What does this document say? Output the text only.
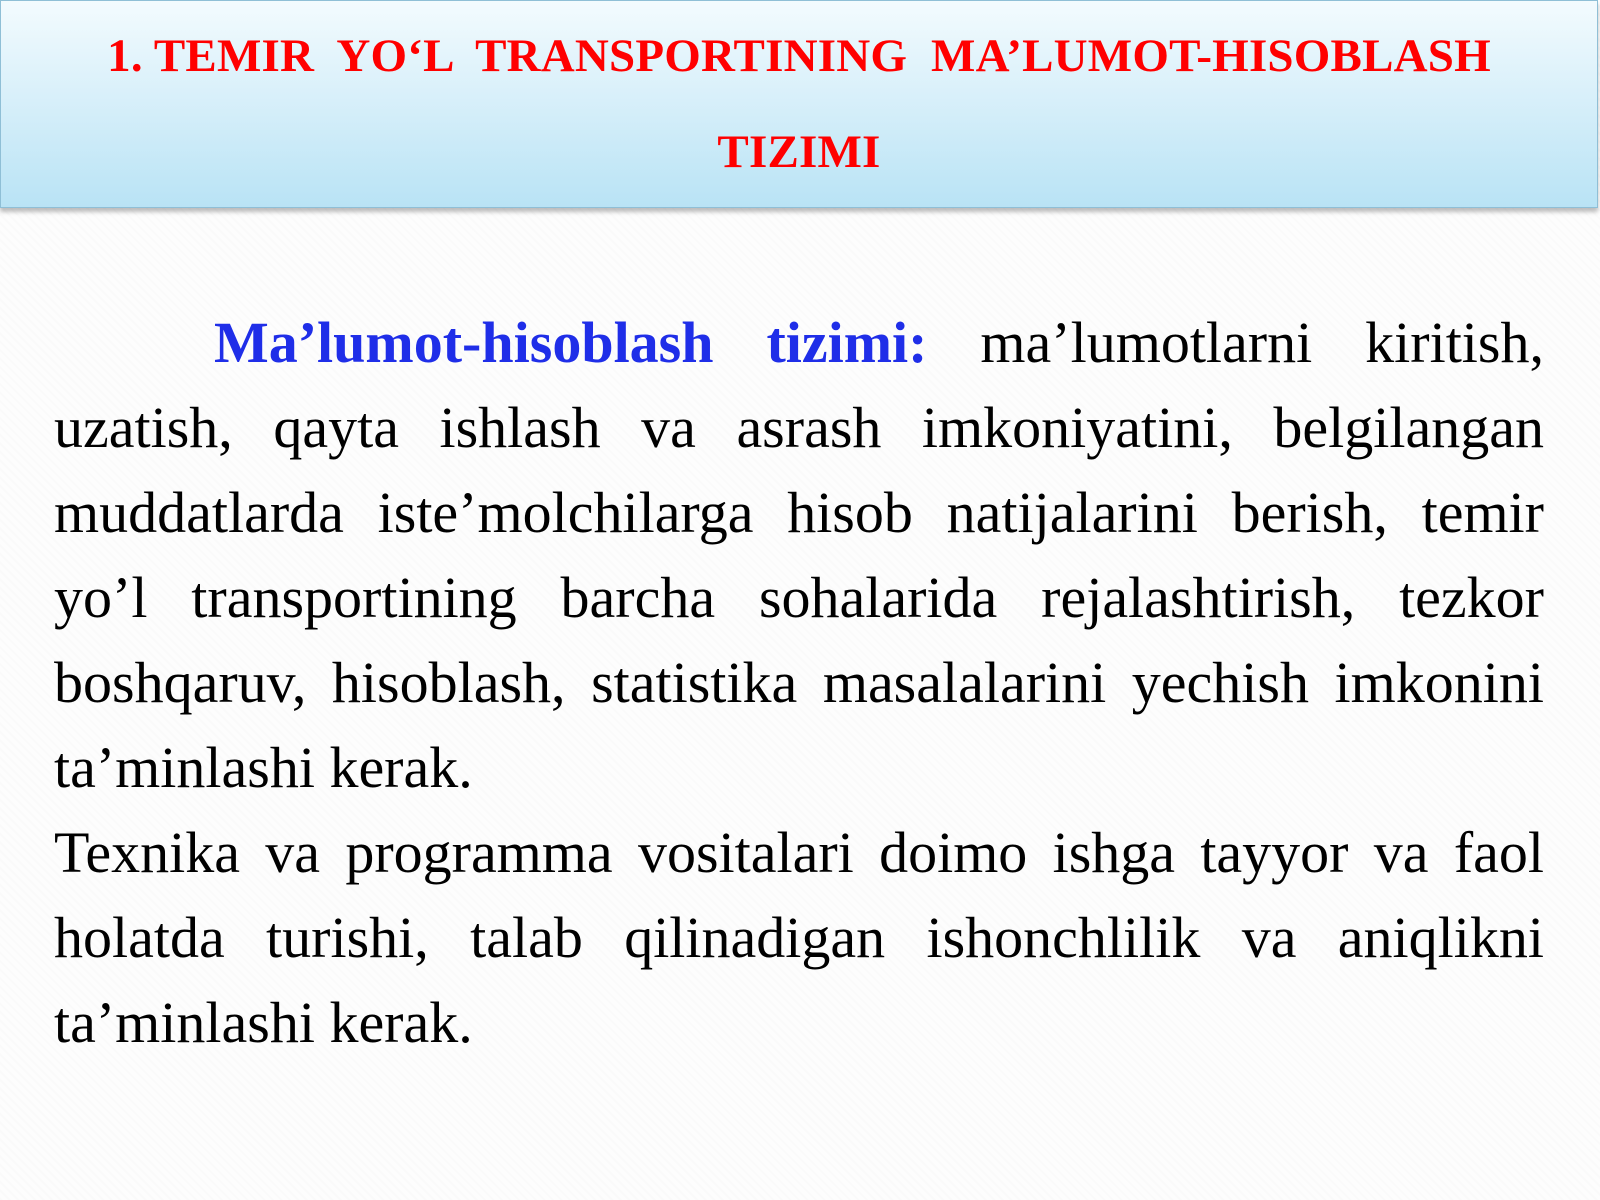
1. TEMIR  YO‘L  TRANSPORTINING  MA’LUMOT-HISOBLASH
TIZIMI

Ma’lumot-hisoblash tizimi: ma’lumotlarni kiritish, uzatish, qayta ishlash va asrash imkoniyatini, belgilangan muddatlarda iste’molchilarga hisob natijalarini berish, temir yo’l transportining barcha sohalarida rejalashtirish, tezkor boshqaruv, hisoblash, statistika masalalarini yechish imkonini ta’minlashi kerak.

Texnika va programma vositalari doimo ishga tayyor va faol holatda turishi, talab qilinadigan ishonchlilik va aniqlikni ta’minlashi kerak.
